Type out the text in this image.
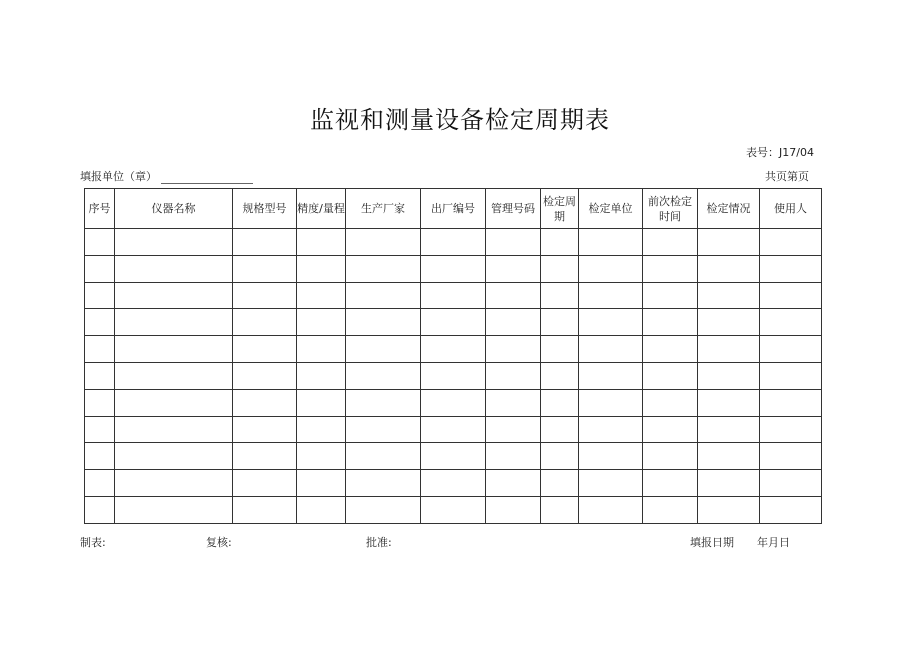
监视和测量设备检定周期表
表号：J17/04
填报单位（章）	共页第页
序号	仪器名称	规格型号	精度/量程	生产厂家	出厂编号	管理号码	检定周期	检定单位	前次检定时间	检定情况	使用人

制表:	复核:	批准:	填报日期 年月日
